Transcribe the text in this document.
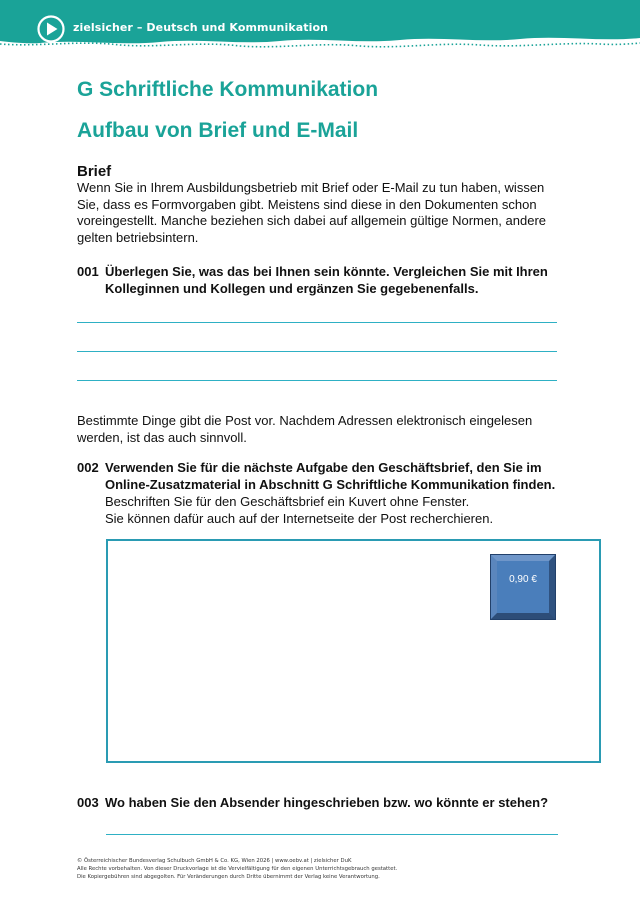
zielsicher – Deutsch und Kommunikation
G Schriftliche Kommunikation
Aufbau von Brief und E-Mail
Brief
Wenn Sie in Ihrem Ausbildungsbetrieb mit Brief oder E-Mail zu tun haben, wissen Sie, dass es Formvorgaben gibt. Meistens sind diese in den Dokumenten schon voreingestellt. Manche beziehen sich dabei auf allgemein gültige Normen, andere gelten betriebsintern.
001 Überlegen Sie, was das bei Ihnen sein könnte. Vergleichen Sie mit Ihren Kolleginnen und Kollegen und ergänzen Sie gegebenenfalls.
Bestimmte Dinge gibt die Post vor. Nachdem Adressen elektronisch eingelesen werden, ist das auch sinnvoll.
002 Verwenden Sie für die nächste Aufgabe den Geschäftsbrief, den Sie im Online-Zusatzmaterial in Abschnitt G Schriftliche Kommunikation finden.
Beschriften Sie für den Geschäftsbrief ein Kuvert ohne Fenster.
Sie können dafür auch auf der Internetseite der Post recherchieren.
0,90 €
003 Wo haben Sie den Absender hingeschrieben bzw. wo könnte er stehen?
© Österreichischer Bundesverlag Schulbuch GmbH & Co. KG, Wien 2026 | www.oebv.at | zielsicher DuK
Alle Rechte vorbehalten. Von dieser Druckvorlage ist die Vervielfältigung für den eigenen Unterrichtsgebrauch gestattet.
Die Kopiergebühren sind abgegolten. Für Veränderungen durch Dritte übernimmt der Verlag keine Verantwortung.
